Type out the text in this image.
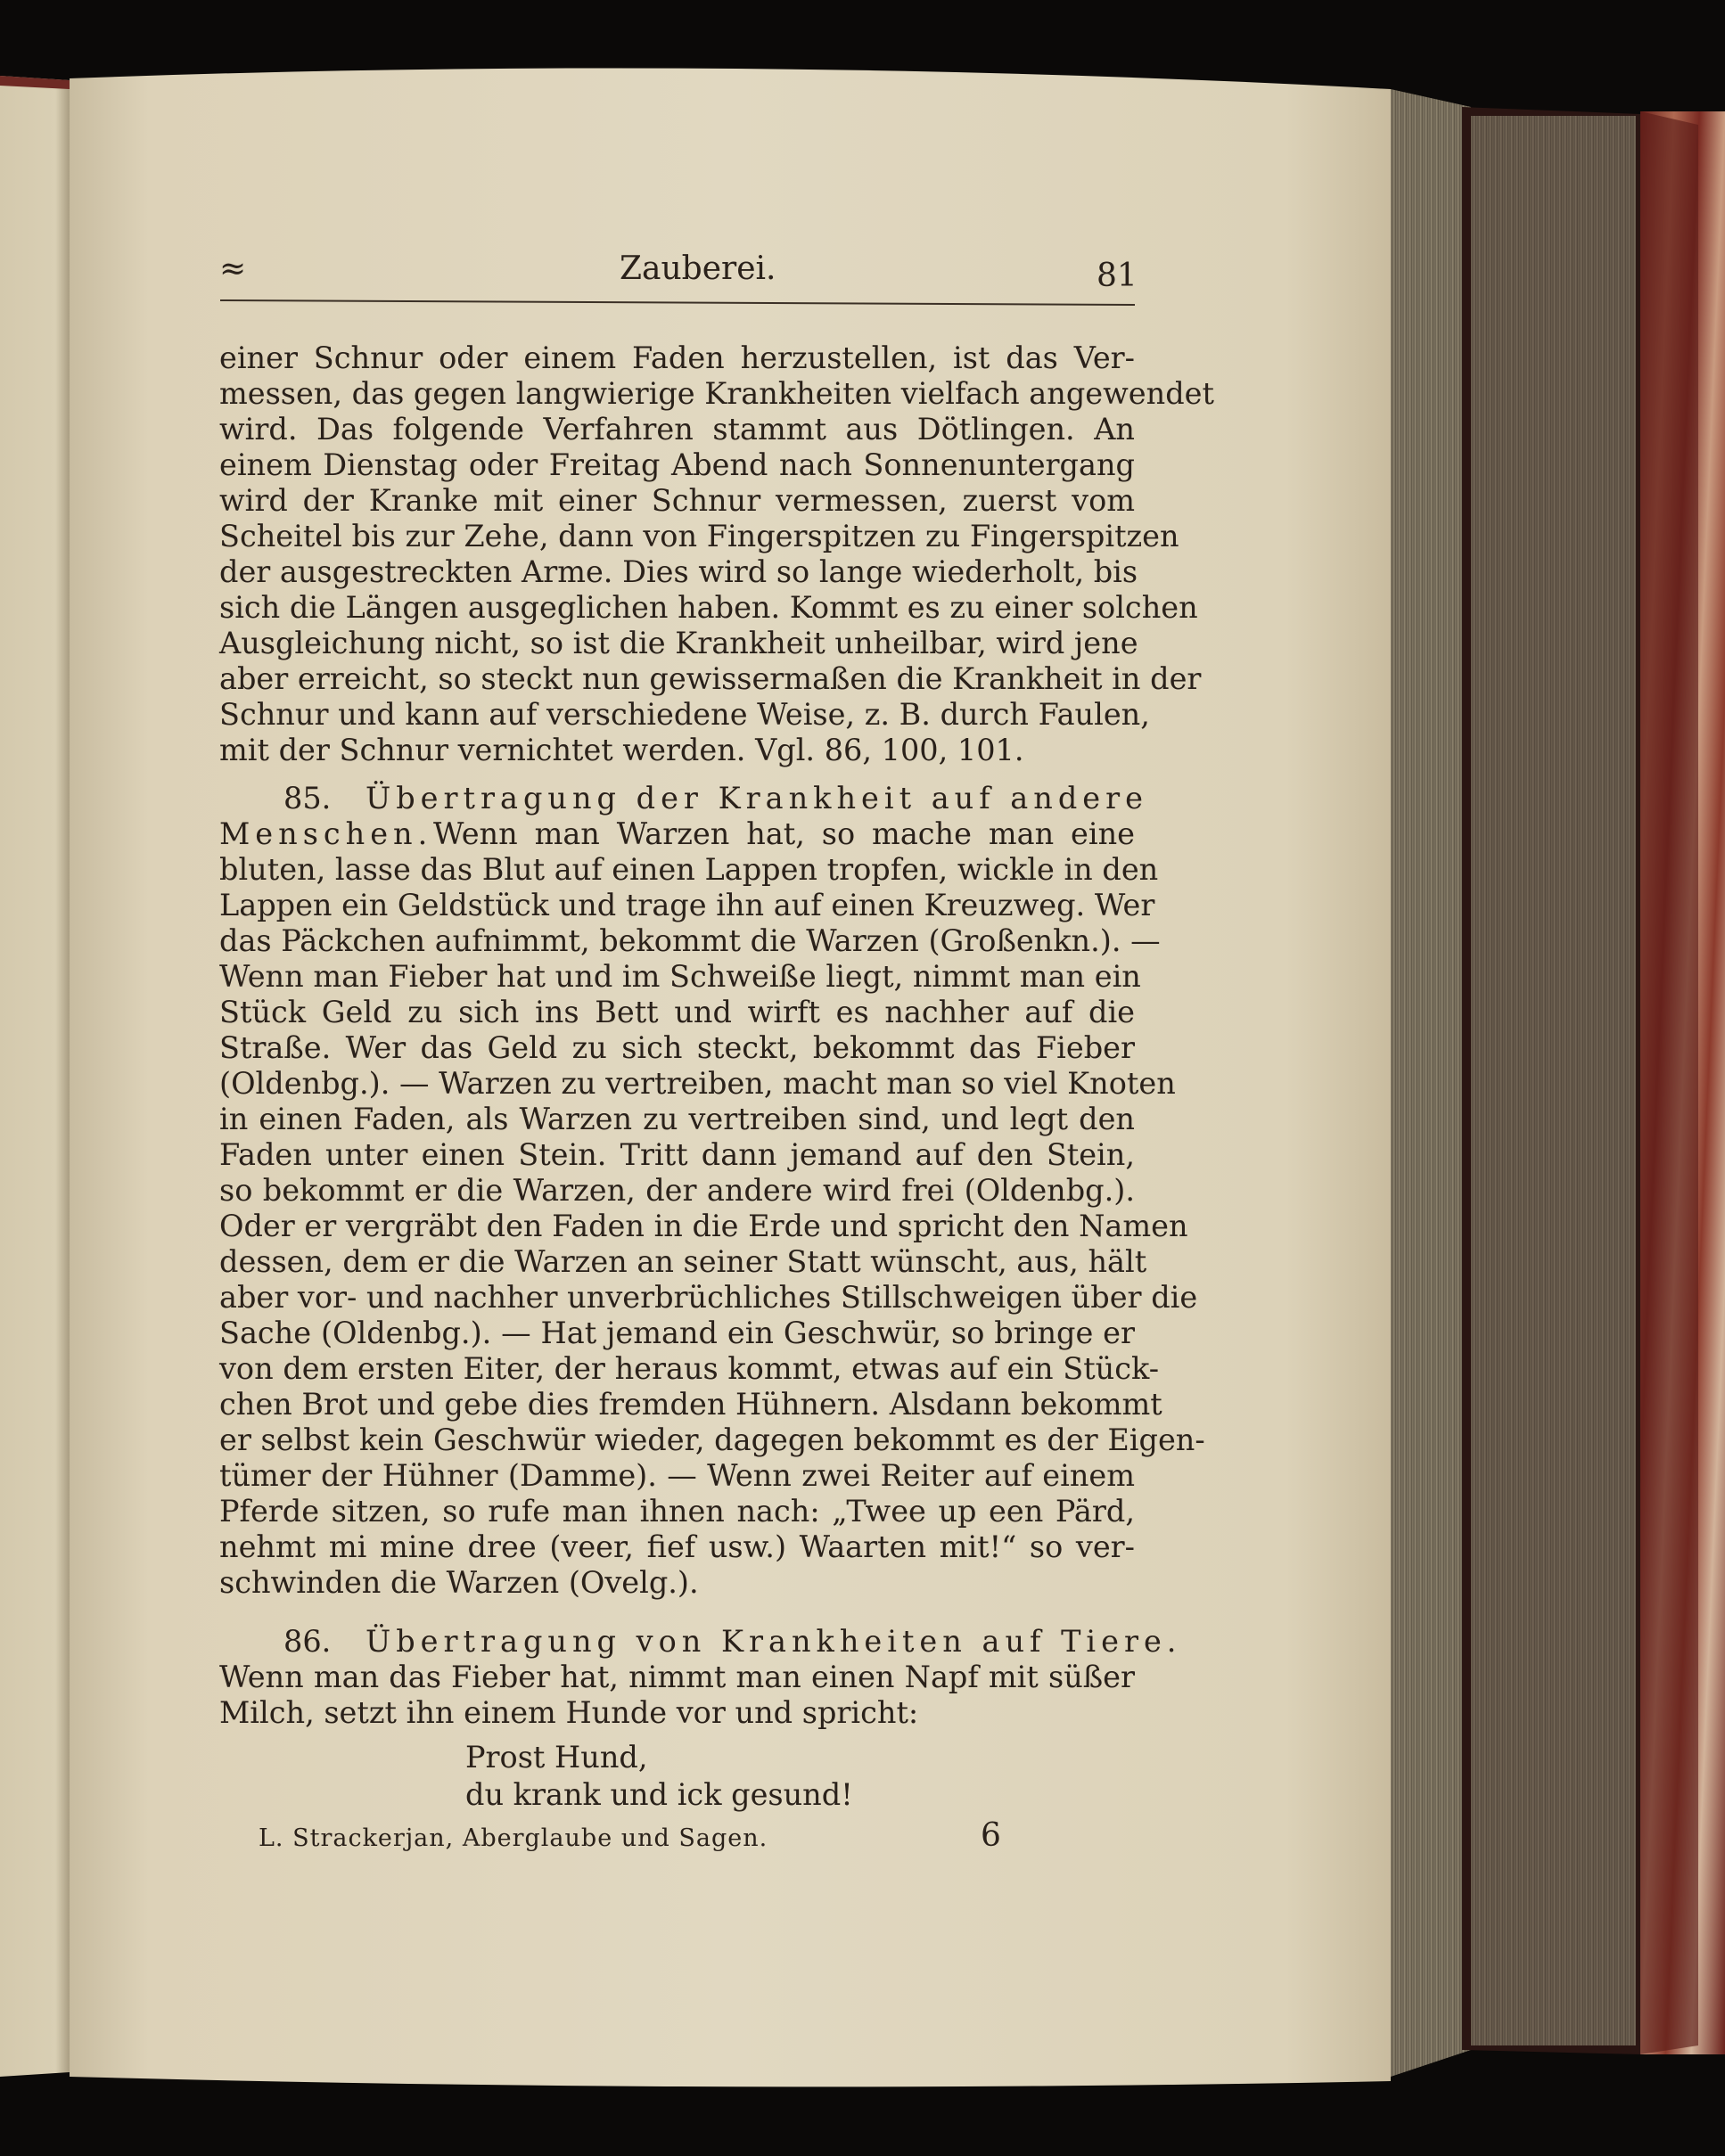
≈	Zauberei.	81
einer Schnur oder einem Faden herzustellen, ist das Ver-
messen, das gegen langwierige Krankheiten vielfach angewendet
wird. Das folgende Verfahren stammt aus Dötlingen. An
einem Dienstag oder Freitag Abend nach Sonnenuntergang
wird der Kranke mit einer Schnur vermessen, zuerst vom
Scheitel bis zur Zehe, dann von Fingerspitzen zu Fingerspitzen
der ausgestreckten Arme. Dies wird so lange wiederholt, bis
sich die Längen ausgeglichen haben. Kommt es zu einer solchen
Ausgleichung nicht, so ist die Krankheit unheilbar, wird jene
aber erreicht, so steckt nun gewissermaßen die Krankheit in der
Schnur und kann auf verschiedene Weise, z. B. durch Faulen,
mit der Schnur vernichtet werden. Vgl. 86, 100, 101.
85. Übertragung der Krankheit auf andere
Menschen. Wenn man Warzen hat, so mache man eine
bluten, lasse das Blut auf einen Lappen tropfen, wickle in den
Lappen ein Geldstück und trage ihn auf einen Kreuzweg. Wer
das Päckchen aufnimmt, bekommt die Warzen (Großenkn.). —
Wenn man Fieber hat und im Schweiße liegt, nimmt man ein
Stück Geld zu sich ins Bett und wirft es nachher auf die
Straße. Wer das Geld zu sich steckt, bekommt das Fieber
(Oldenbg.). — Warzen zu vertreiben, macht man so viel Knoten
in einen Faden, als Warzen zu vertreiben sind, und legt den
Faden unter einen Stein. Tritt dann jemand auf den Stein,
so bekommt er die Warzen, der andere wird frei (Oldenbg.).
Oder er vergräbt den Faden in die Erde und spricht den Namen
dessen, dem er die Warzen an seiner Statt wünscht, aus, hält
aber vor- und nachher unverbrüchliches Stillschweigen über die
Sache (Oldenbg.). — Hat jemand ein Geschwür, so bringe er
von dem ersten Eiter, der heraus kommt, etwas auf ein Stück-
chen Brot und gebe dies fremden Hühnern. Alsdann bekommt
er selbst kein Geschwür wieder, dagegen bekommt es der Eigen-
tümer der Hühner (Damme). — Wenn zwei Reiter auf einem
Pferde sitzen, so rufe man ihnen nach: „Twee up een Pärd,
nehmt mi mine dree (veer, fief usw.) Waarten mit!“ so ver-
schwinden die Warzen (Ovelg.).
86. Übertragung von Krankheiten auf Tiere.
Wenn man das Fieber hat, nimmt man einen Napf mit süßer
Milch, setzt ihn einem Hunde vor und spricht:
Prost Hund,
du krank und ick gesund!
L. Strackerjan, Aberglaube und Sagen.	6
